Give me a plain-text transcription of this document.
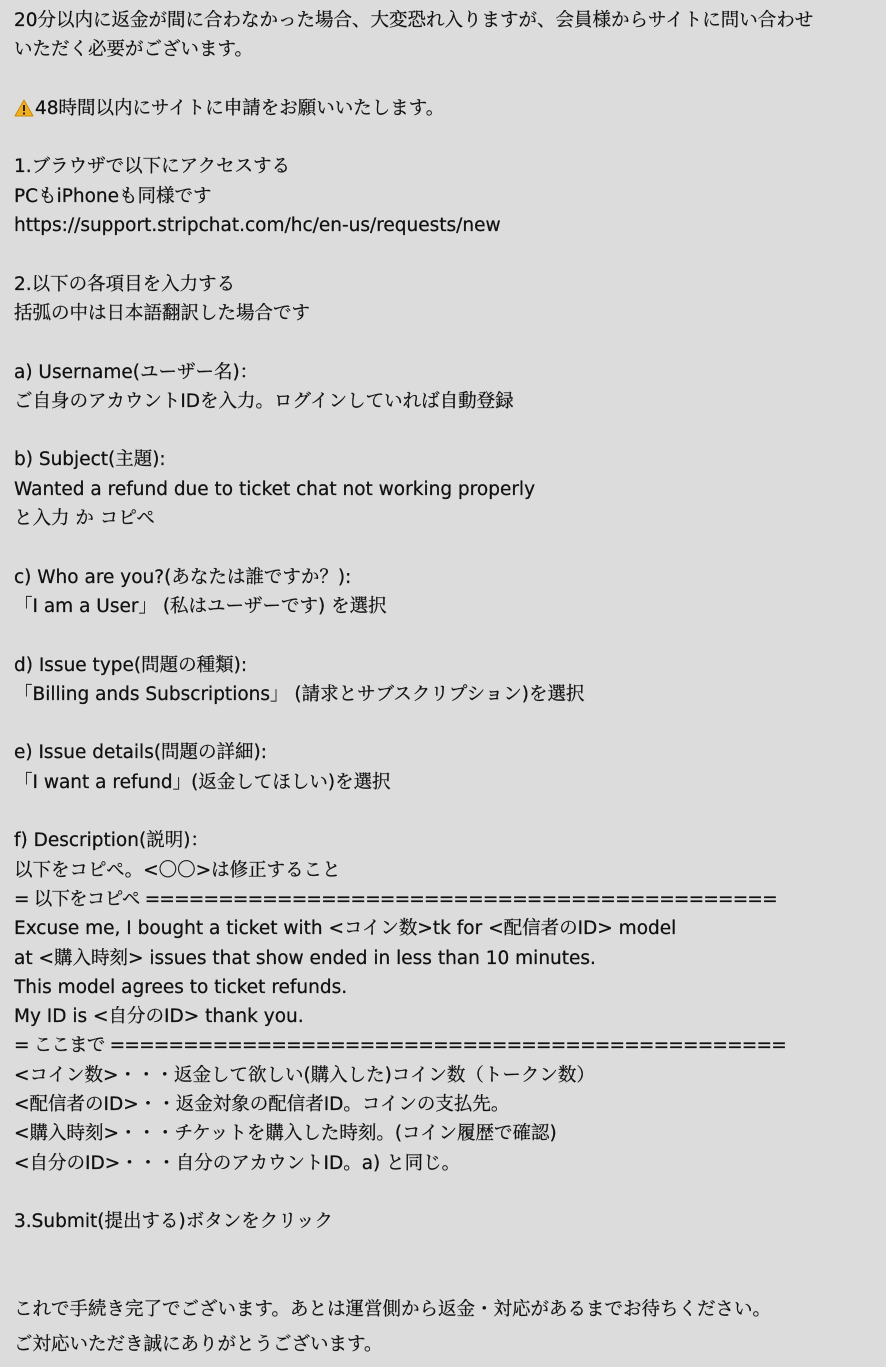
20分以内に返金が間に合わなかった場合、大変恐れ入りますが、会員様からサイトに問い合わせ
いただく必要がございます。
48時間以内にサイトに申請をお願いいたします。
1.ブラウザで以下にアクセスする
PCもiPhoneも同様です
https://support.stripchat.com/hc/en-us/requests/new
2.以下の各項目を入力する
括弧の中は日本語翻訳した場合です
a) Username(ユーザー名)：
ご自身のアカウントIDを入力。ログインしていれば自動登録
b) Subject(主題):
Wanted a refund due to ticket chat not working properly
と入力 か コピペ
c) Who are you?(あなたは誰ですか？):
「I am a User」 (私はユーザーです) を選択
d) Issue type(問題の種類):
「Billing ands Subscriptions」 (請求とサブスクリプション)を選択
e) Issue details(問題の詳細):
「I want a refund」(返金してほしい)を選択
f) Description(説明)：
以下をコピペ。<〇〇>は修正すること
= 以下をコピペ ===========================================
Excuse me, I bought a ticket with <コイン数>tk for <配信者のID> model
at <購入時刻> issues that show ended in less than 10 minutes.
This model agrees to ticket refunds.
My ID is <自分のID> thank you.
= ここまで ==============================================
<コイン数>・・・返金して欲しい(購入した)コイン数（トークン数）
<配信者のID>・・返金対象の配信者ID。コインの支払先。
<購入時刻>・・・チケットを購入した時刻。(コイン履歴で確認)
<自分のID>・・・自分のアカウントID。a) と同じ。
3.Submit(提出する)ボタンをクリック
これで手続き完了でございます。あとは運営側から返金・対応があるまでお待ちください。
ご対応いただき誠にありがとうございます。
